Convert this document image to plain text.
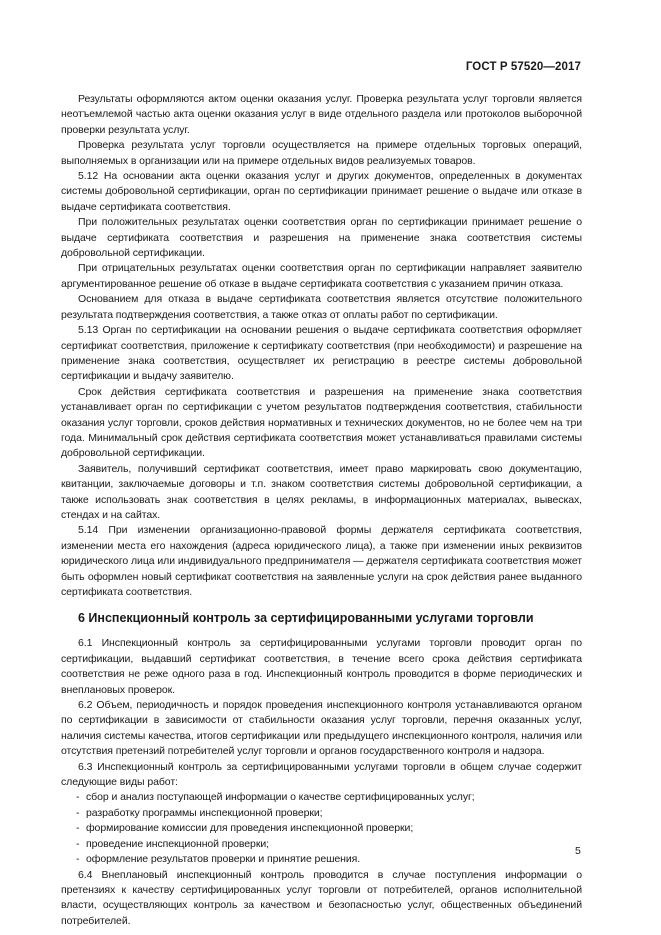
ГОСТ Р 57520—2017

Результаты оформляются актом оценки оказания услуг. Проверка результата услуг торговли является неотъемлемой частью акта оценки оказания услуг в виде отдельного раздела или протоколов выборочной проверки результата услуг.

Проверка результата услуг торговли осуществляется на примере отдельных торговых операций, выполняемых в организации или на примере отдельных видов реализуемых товаров.

5.12 На основании акта оценки оказания услуг и других документов, определенных в документах системы добровольной сертификации, орган по сертификации принимает решение о выдаче или отказе в выдаче сертификата соответствия.

При положительных результатах оценки соответствия орган по сертификации принимает решение о выдаче сертификата соответствия и разрешения на применение знака соответствия системы добровольной сертификации.

При отрицательных результатах оценки соответствия орган по сертификации направляет заявителю аргументированное решение об отказе в выдаче сертификата соответствия с указанием причин отказа.

Основанием для отказа в выдаче сертификата соответствия является отсутствие положительного результата подтверждения соответствия, а также отказ от оплаты работ по сертификации.

5.13 Орган по сертификации на основании решения о выдаче сертификата соответствия оформляет сертификат соответствия, приложение к сертификату соответствия (при необходимости) и разрешение на применение знака соответствия, осуществляет их регистрацию в реестре системы добровольной сертификации и выдачу заявителю.

Срок действия сертификата соответствия и разрешения на применение знака соответствия устанавливает орган по сертификации с учетом результатов подтверждения соответствия, стабильности оказания услуг торговли, сроков действия нормативных и технических документов, но не более чем на три года. Минимальный срок действия сертификата соответствия может устанавливаться правилами системы добровольной сертификации.

Заявитель, получивший сертификат соответствия, имеет право маркировать свою документацию, квитанции, заключаемые договоры и т.п. знаком соответствия системы добровольной сертификации, а также использовать знак соответствия в целях рекламы, в информационных материалах, вывесках, стендах и на сайтах.

5.14 При изменении организационно-правовой формы держателя сертификата соответствия, изменении места его нахождения (адреса юридического лица), а также при изменении иных реквизитов юридического лица или индивидуального предпринимателя — держателя сертификата соответствия может быть оформлен новый сертификат соответствия на заявленные услуги на срок действия ранее выданного сертификата соответствия.

6 Инспекционный контроль за сертифицированными услугами торговли

6.1 Инспекционный контроль за сертифицированными услугами торговли проводит орган по сертификации, выдавший сертификат соответствия, в течение всего срока действия сертификата соответствия не реже одного раза в год. Инспекционный контроль проводится в форме периодических и внеплановых проверок.

6.2 Объем, периодичность и порядок проведения инспекционного контроля устанавливаются органом по сертификации в зависимости от стабильности оказания услуг торговли, перечня оказанных услуг, наличия системы качества, итогов сертификации или предыдущего инспекционного контроля, наличия или отсутствия претензий потребителей услуг торговли и органов государственного контроля и надзора.

6.3 Инспекционный контроль за сертифицированными услугами торговли в общем случае содержит следующие виды работ:

- сбор и анализ поступающей информации о качестве сертифицированных услуг;

- разработку программы инспекционной проверки;

- формирование комиссии для проведения инспекционной проверки;

- проведение инспекционной проверки;

- оформление результатов проверки и принятие решения.

6.4 Внеплановый инспекционный контроль проводится в случае поступления информации о претензиях к качеству сертифицированных услуг торговли от потребителей, органов исполнительной власти, осуществляющих контроль за качеством и безопасностью услуг, общественных объединений потребителей.

5
